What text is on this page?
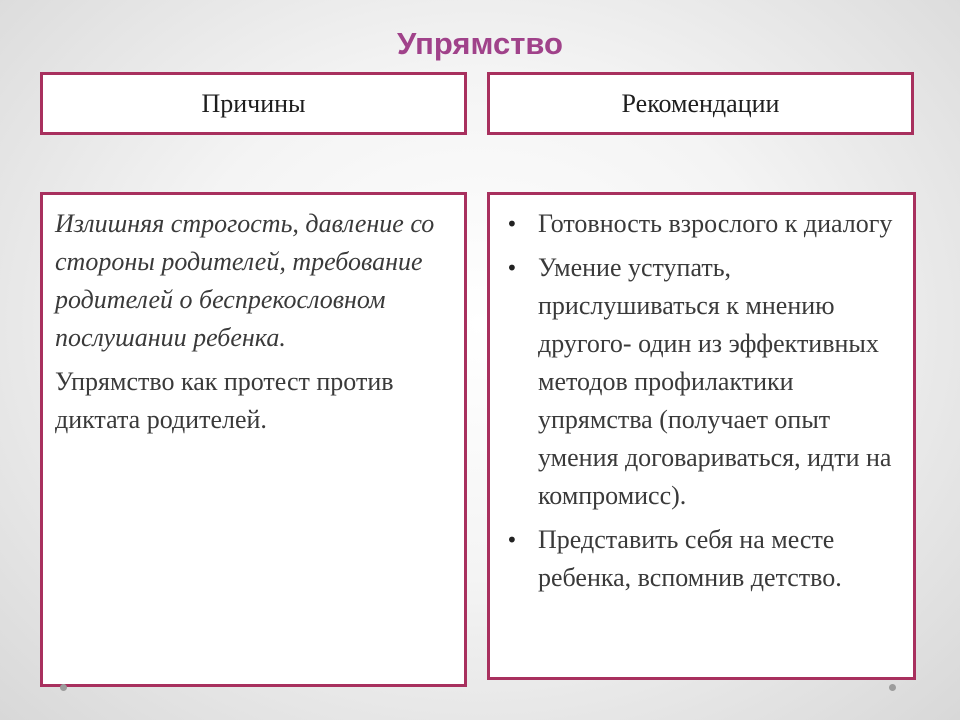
Упрямство
Причины	Рекомендации

Излишняя строгость, давление со стороны родителей, требование родителей о беспрекословном послушании ребенка.

Упрямство как протест против диктата родителей.

• Готовность взрослого к диалогу
• Умение уступать, прислушиваться к мнению другого- один из эффективных методов профилактики упрямства (получает опыт умения договариваться, идти на компромисс).
• Представить себя на месте ребенка, вспомнив детство.
